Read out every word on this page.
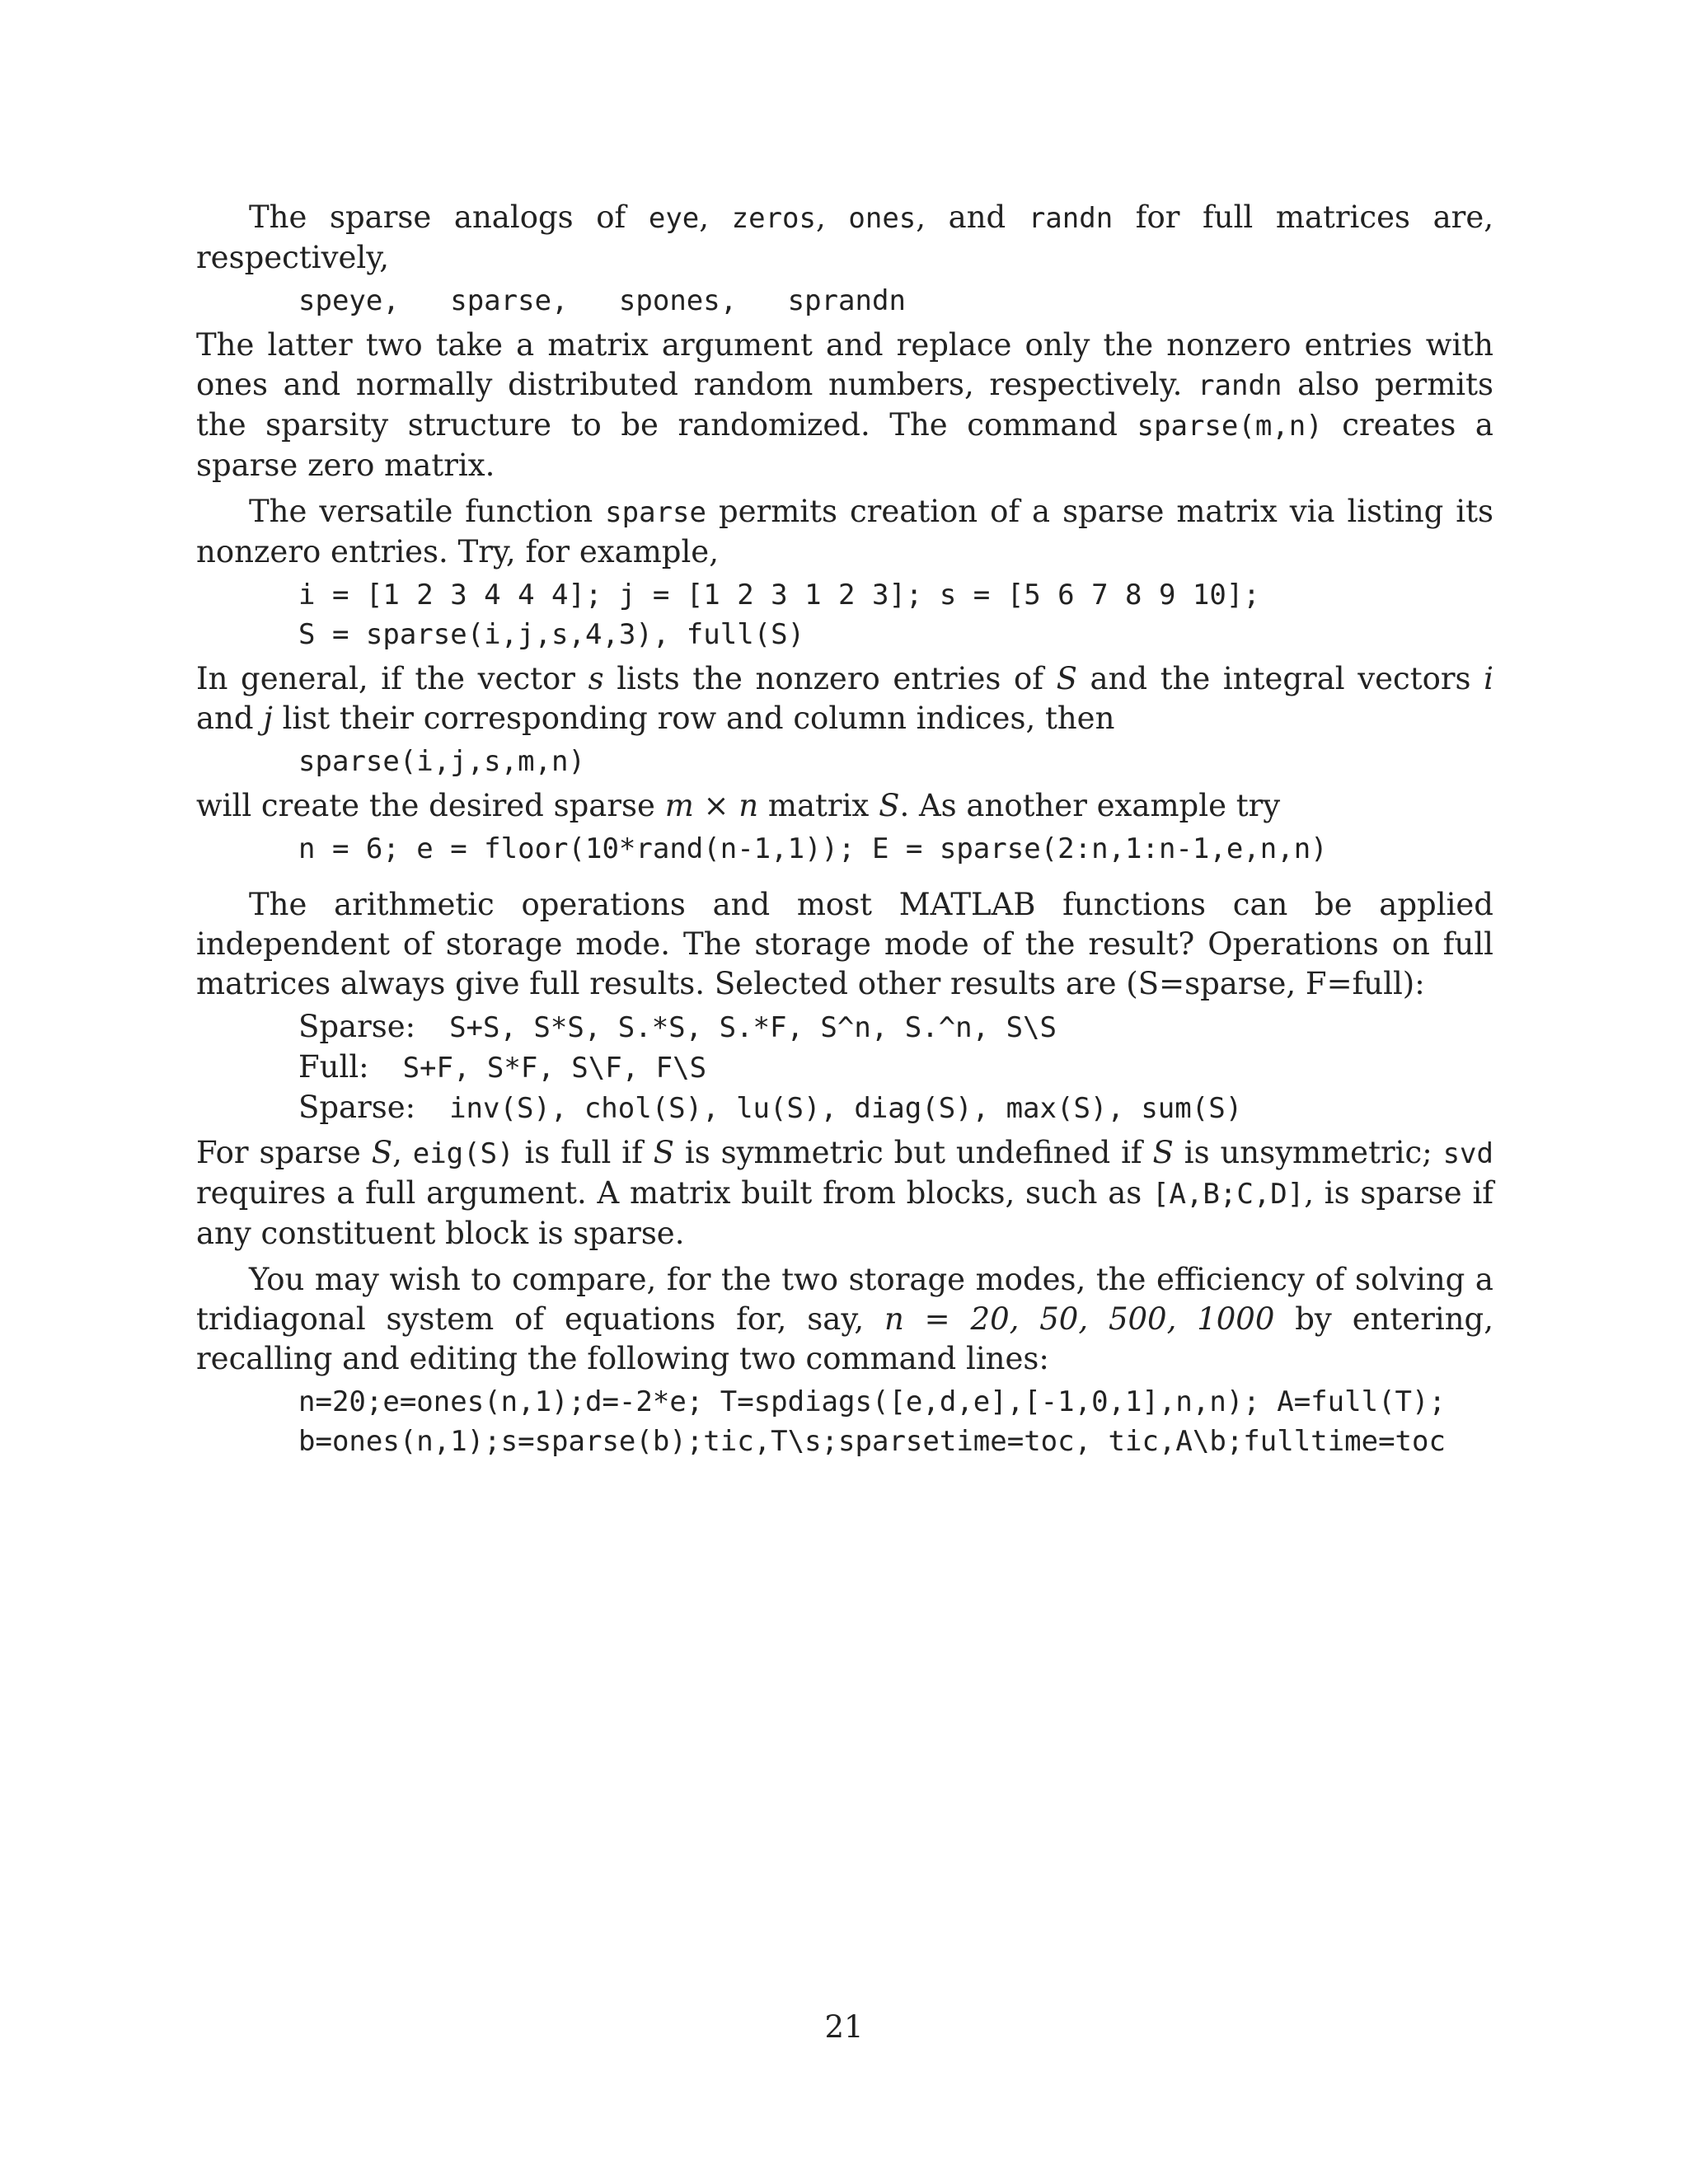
The sparse analogs of eye, zeros, ones, and randn for full matrices are, respectively,

speye,   sparse,   spones,   sprandn

The latter two take a matrix argument and replace only the nonzero entries with ones and normally distributed random numbers, respectively. randn also permits the sparsity structure to be randomized. The command sparse(m,n) creates a sparse zero matrix.

The versatile function sparse permits creation of a sparse matrix via listing its nonzero entries. Try, for example,

i = [1 2 3 4 4 4]; j = [1 2 3 1 2 3]; s = [5 6 7 8 9 10];
S = sparse(i,j,s,4,3), full(S)

In general, if the vector s lists the nonzero entries of S and the integral vectors i and j list their corresponding row and column indices, then

sparse(i,j,s,m,n)

will create the desired sparse m × n matrix S. As another example try

n = 6; e = floor(10*rand(n-1,1)); E = sparse(2:n,1:n-1,e,n,n)

The arithmetic operations and most MATLAB functions can be applied independent of storage mode. The storage mode of the result? Operations on full matrices always give full results. Selected other results are (S=sparse, F=full):

Sparse:  S+S, S*S, S.*S, S.*F, S^n, S.^n, S\S
Full:  S+F, S*F, S\F, F\S
Sparse:  inv(S), chol(S), lu(S), diag(S), max(S), sum(S)

For sparse S, eig(S) is full if S is symmetric but undefined if S is unsymmetric; svd requires a full argument. A matrix built from blocks, such as [A,B;C,D], is sparse if any constituent block is sparse.

You may wish to compare, for the two storage modes, the efficiency of solving a tridiagonal system of equations for, say, n = 20, 50, 500, 1000 by entering, recalling and editing the following two command lines:

n=20;e=ones(n,1);d=-2*e; T=spdiags([e,d,e],[-1,0,1],n,n); A=full(T);
b=ones(n,1);s=sparse(b);tic,T\s;sparsetime=toc, tic,A\b;fulltime=toc
21
